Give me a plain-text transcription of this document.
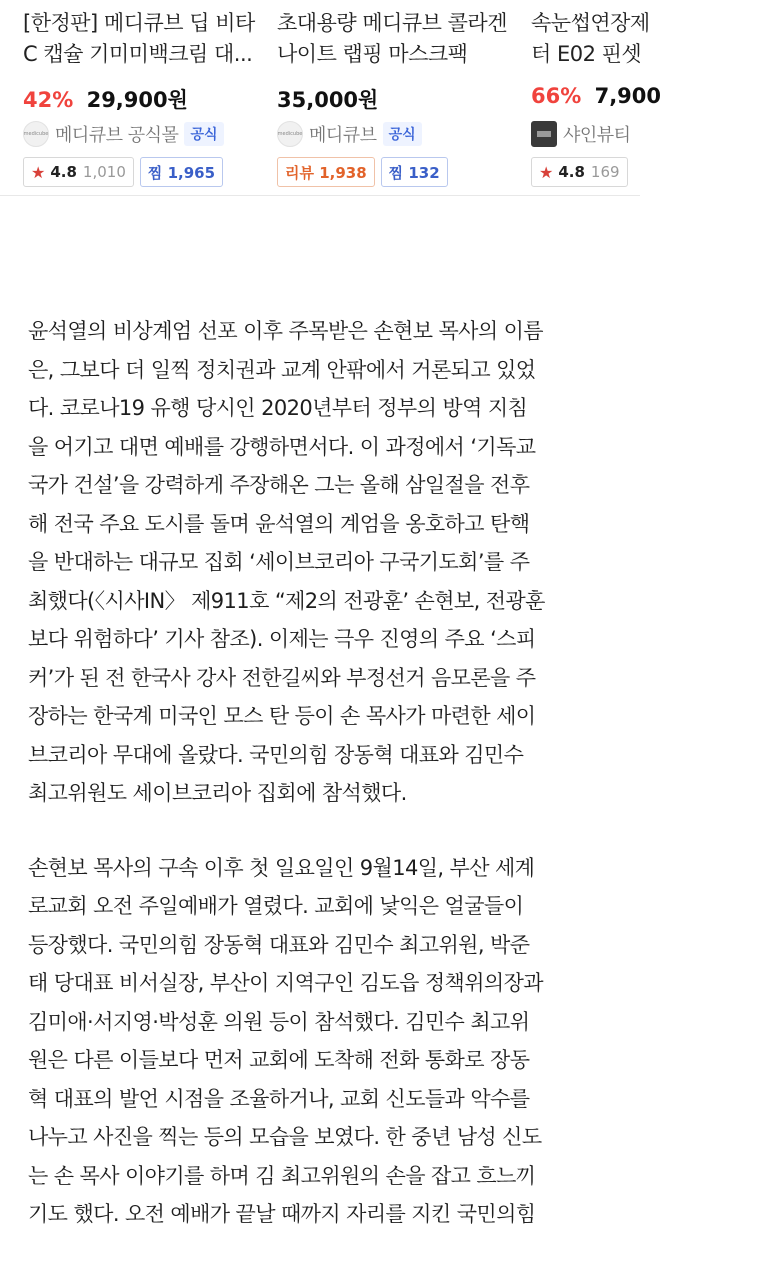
[한정판] 메디큐브 딥 비타
C 캡슐 기미미백크림 대...
42% 29,900원
medicube 메디큐브 공식몰 공식
★ 4.8 1,010	찜 1,965
초대용량 메디큐브 콜라겐
나이트 랩핑 마스크팩
35,000원
medicube 메디큐브 공식
리뷰 1,938	찜 132
속눈썹연장제
터 E02 핀셋
66% 7,900
샤인뷰티
★ 4.8 169

윤석열의 비상계엄 선포 이후 주목받은 손현보 목사의 이름
은, 그보다 더 일찍 정치권과 교계 안팎에서 거론되고 있었
다. 코로나19 유행 당시인 2020년부터 정부의 방역 지침
을 어기고 대면 예배를 강행하면서다. 이 과정에서 ‘기독교
국가 건설’을 강력하게 주장해온 그는 올해 삼일절을 전후
해 전국 주요 도시를 돌며 윤석열의 계엄을 옹호하고 탄핵
을 반대하는 대규모 집회 ‘세이브코리아 구국기도회’를 주
최했다(〈시사IN〉 제911호 “제2의 전광훈’ 손현보, 전광훈
보다 위험하다’ 기사 참조). 이제는 극우 진영의 주요 ‘스피
커’가 된 전 한국사 강사 전한길씨와 부정선거 음모론을 주
장하는 한국계 미국인 모스 탄 등이 손 목사가 마련한 세이
브코리아 무대에 올랐다. 국민의힘 장동혁 대표와 김민수
최고위원도 세이브코리아 집회에 참석했다.

손현보 목사의 구속 이후 첫 일요일인 9월14일, 부산 세계
로교회 오전 주일예배가 열렸다. 교회에 낯익은 얼굴들이
등장했다. 국민의힘 장동혁 대표와 김민수 최고위원, 박준
태 당대표 비서실장, 부산이 지역구인 김도읍 정책위의장과
김미애·서지영·박성훈 의원 등이 참석했다. 김민수 최고위
원은 다른 이들보다 먼저 교회에 도착해 전화 통화로 장동
혁 대표의 발언 시점을 조율하거나, 교회 신도들과 악수를
나누고 사진을 찍는 등의 모습을 보였다. 한 중년 남성 신도
는 손 목사 이야기를 하며 김 최고위원의 손을 잡고 흐느끼
기도 했다. 오전 예배가 끝날 때까지 자리를 지킨 국민의힘
